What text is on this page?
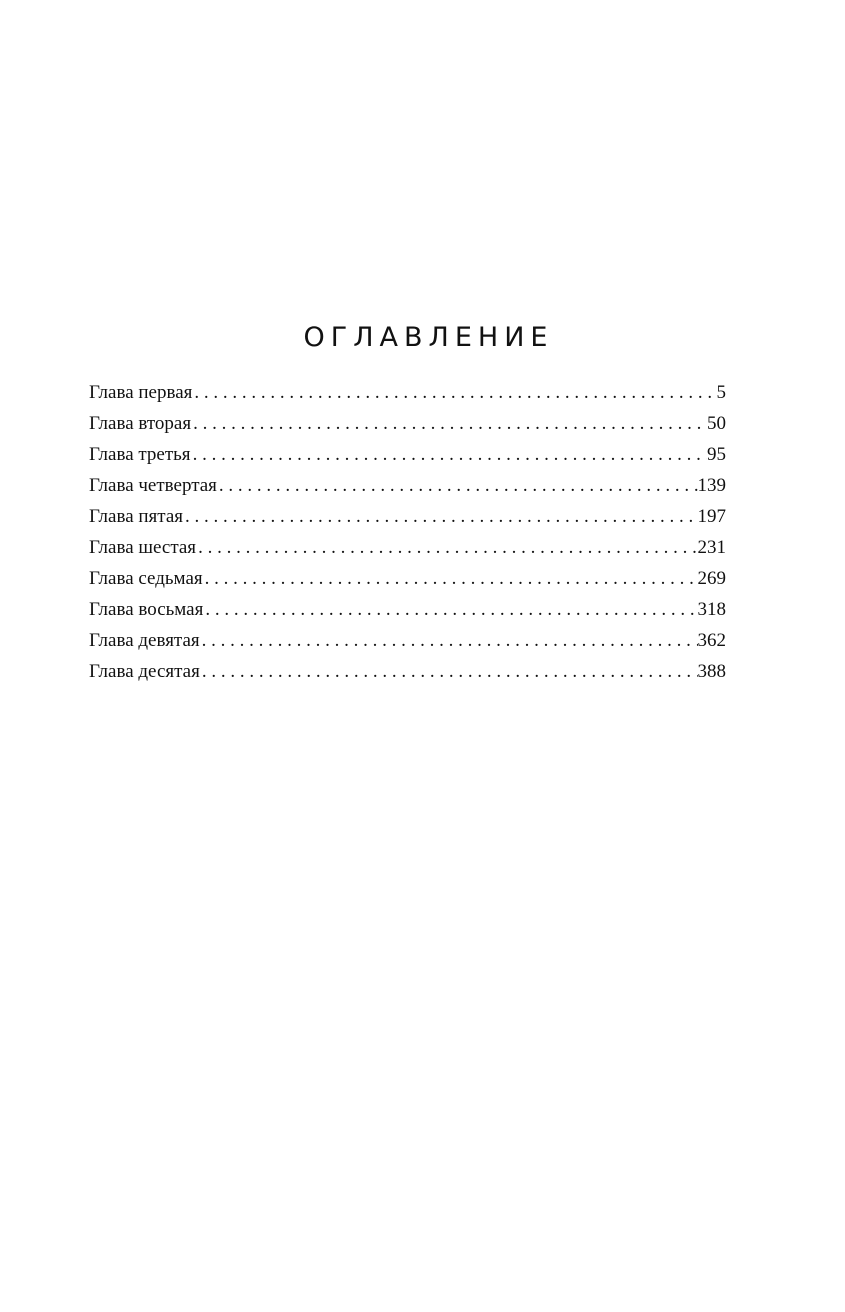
ОГЛАВЛЕНИЕ
Глава первая . . .	5
Глава вторая . . .	50
Глава третья . . .	95
Глава четвертая . . .	139
Глава пятая . . .	197
Глава шестая . . .	231
Глава седьмая . . .	269
Глава восьмая . . .	318
Глава девятая . . .	362
Глава десятая . . .	388
